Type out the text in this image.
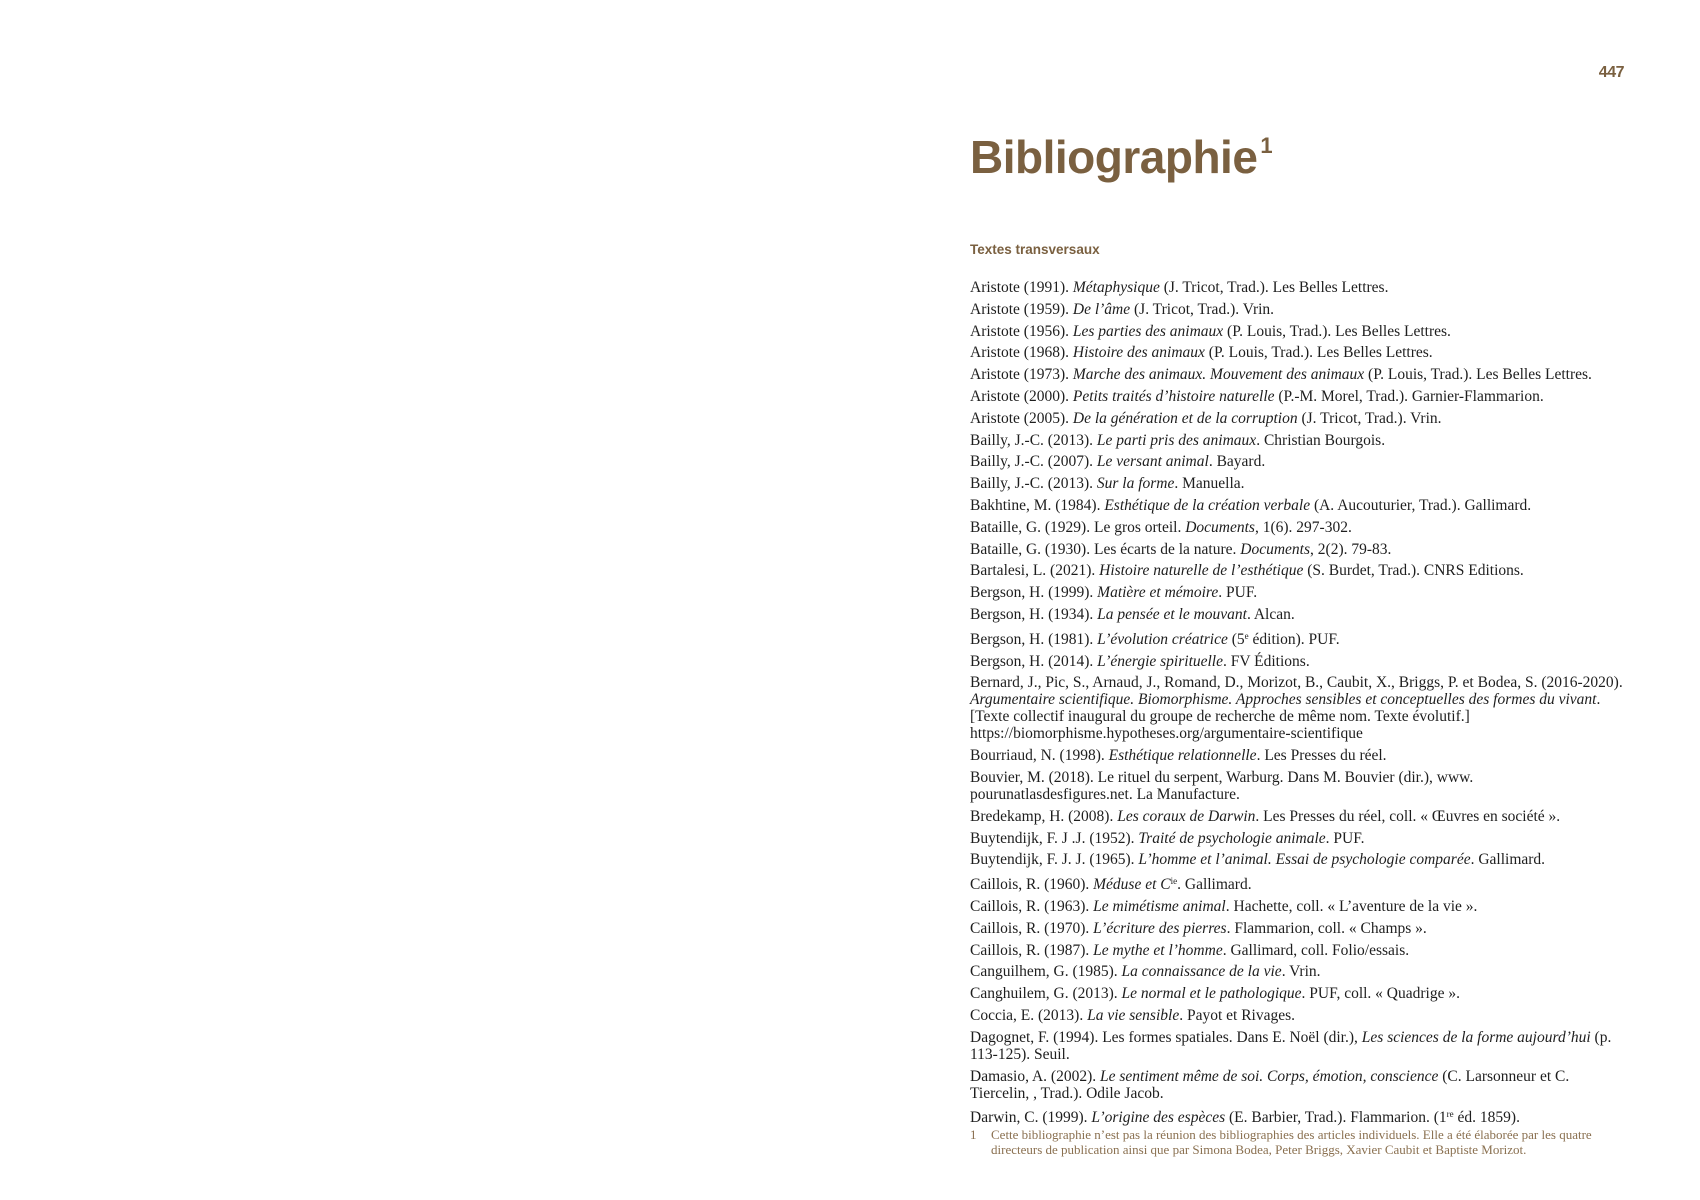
447
Bibliographie $^1$
Textes transversaux
Aristote (1991). Métaphysique (J. Tricot, Trad.). Les Belles Lettres.
Aristote (1959). De l’âme (J. Tricot, Trad.). Vrin.
Aristote (1956). Les parties des animaux (P. Louis, Trad.). Les Belles Lettres.
Aristote (1968). Histoire des animaux (P. Louis, Trad.). Les Belles Lettres.
Aristote (1973). Marche des animaux. Mouvement des animaux (P. Louis, Trad.). Les Belles Lettres.
Aristote (2000). Petits traités d’histoire naturelle (P.-M. Morel, Trad.). Garnier-Flammarion.
Aristote (2005). De la génération et de la corruption (J. Tricot, Trad.). Vrin.
Bailly, J.-C. (2013). Le parti pris des animaux. Christian Bourgois.
Bailly, J.-C. (2007). Le versant animal. Bayard.
Bailly, J.-C. (2013). Sur la forme. Manuella.
Bakhtine, M. (1984). Esthétique de la création verbale (A. Aucouturier, Trad.). Gallimard.
Bataille, G. (1929). Le gros orteil. Documents, 1(6). 297-302.
Bataille, G. (1930). Les écarts de la nature. Documents, 2(2). 79-83.
Bartalesi, L. (2021). Histoire naturelle de l’esthétique (S. Burdet, Trad.). CNRS Editions.
Bergson, H. (1999). Matière et mémoire. PUF.
Bergson, H. (1934). La pensée et le mouvant. Alcan.
Bergson, H. (1981). L’évolution créatrice (5e édition). PUF.
Bergson, H. (2014). L’énergie spirituelle. FV Éditions.
Bernard, J., Pic, S., Arnaud, J., Romand, D., Morizot, B., Caubit, X., Briggs, P. et Bodea, S. (2016-2020). Argumentaire scientifique. Biomorphisme. Approches sensibles et conceptuelles des formes du vivant. [Texte collectif inaugural du groupe de recherche de même nom. Texte évolutif.] https://biomorphisme.hypotheses.org/argumentaire-scientifique
Bourriaud, N. (1998). Esthétique relationnelle. Les Presses du réel.
Bouvier, M. (2018). Le rituel du serpent, Warburg. Dans M. Bouvier (dir.), www. pourunatlasdesfigures.net. La Manufacture.
Bredekamp, H. (2008). Les coraux de Darwin. Les Presses du réel, coll. « Œuvres en société ».
Buytendijk, F. J .J. (1952). Traité de psychologie animale. PUF.
Buytendijk, F. J. J. (1965). L’homme et l’animal. Essai de psychologie comparée. Gallimard.
Caillois, R. (1960). Méduse et $C^{ie}$. Gallimard.
Caillois, R. (1963). Le mimétisme animal. Hachette, coll. « L’aventure de la vie ».
Caillois, R. (1970). L’écriture des pierres. Flammarion, coll. « Champs ».
Caillois, R. (1987). Le mythe et l’homme. Gallimard, coll. Folio/essais.
Canguilhem, G. (1985). La connaissance de la vie. Vrin.
Canghuilem, G. (2013). Le normal et le pathologique. PUF, coll. « Quadrige ».
Coccia, E. (2013). La vie sensible. Payot et Rivages.
Dagognet, F. (1994). Les formes spatiales. Dans E. Noël (dir.), Les sciences de la forme aujourd’hui (p. 113-125). Seuil.
Damasio, A. (2002). Le sentiment même de soi. Corps, émotion, conscience (C. Larsonneur et C. Tiercelin, , Trad.). Odile Jacob.
Darwin, C. (1999). L’origine des espèces (E. Barbier, Trad.). Flammarion. (1re éd. 1859).
1	Cette bibliographie n’est pas la réunion des bibliographies des articles individuels. Elle a été élaborée par les quatre directeurs de publication ainsi que par Simona Bodea, Peter Briggs, Xavier Caubit et Baptiste Morizot.
